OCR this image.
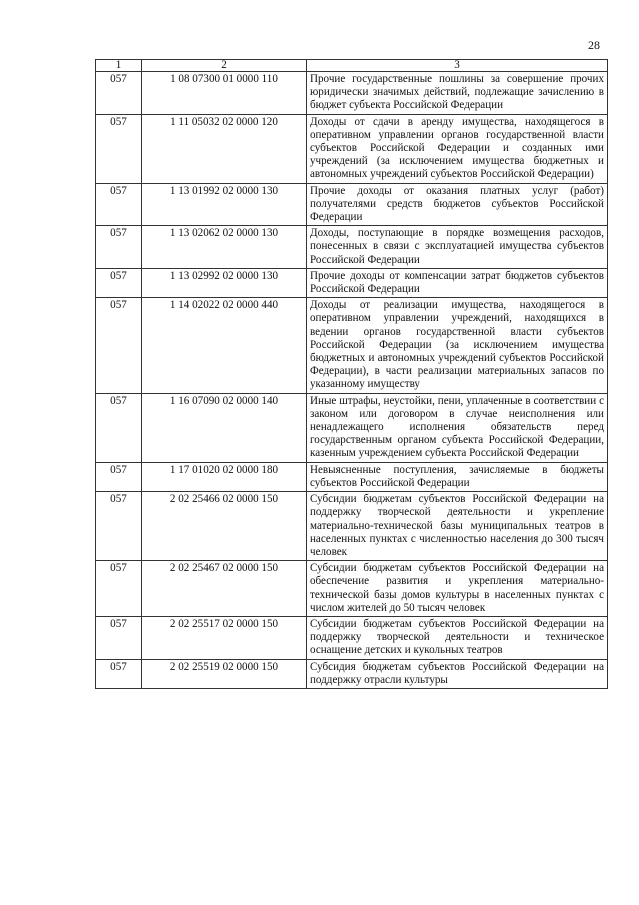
28
1	2	3
057	1 08 07300 01 0000 110	Прочие государственные пошлины за совершение прочих юридически значимых действий, подлежащие зачислению в бюджет субъекта Российской Федерации
057	1 11 05032 02 0000 120	Доходы от сдачи в аренду имущества, находящегося в оперативном управлении органов государственной власти субъектов Российской Федерации и созданных ими учреждений (за исключением имущества бюджетных и автономных учреждений субъектов Российской Федерации)
057	1 13 01992 02 0000 130	Прочие доходы от оказания платных услуг (работ) получателями средств бюджетов субъектов Российской Федерации
057	1 13 02062 02 0000 130	Доходы, поступающие в порядке возмещения расходов, понесенных в связи с эксплуатацией имущества субъектов Российской Федерации
057	1 13 02992 02 0000 130	Прочие доходы от компенсации затрат бюджетов субъектов Российской Федерации
057	1 14 02022 02 0000 440	Доходы от реализации имущества, находящегося в оперативном управлении учреждений, находящихся в ведении органов государственной власти субъектов Российской Федерации (за исключением имущества бюджетных и автономных учреждений субъектов Российской Федерации), в части реализации материальных запасов по указанному имуществу
057	1 16 07090 02 0000 140	Иные штрафы, неустойки, пени, уплаченные в соответствии с законом или договором в случае неисполнения или ненадлежащего исполнения обязательств перед государственным органом субъекта Российской Федерации, казенным учреждением субъекта Российской Федерации
057	1 17 01020 02 0000 180	Невыясненные поступления, зачисляемые в бюджеты субъектов Российской Федерации
057	2 02 25466 02 0000 150	Субсидии бюджетам субъектов Российской Федерации на поддержку творческой деятельности и укрепление материально-технической базы муниципальных театров в населенных пунктах с численностью населения до 300 тысяч человек
057	2 02 25467 02 0000 150	Субсидии бюджетам субъектов Российской Федерации на обеспечение развития и укрепления материально-технической базы домов культуры в населенных пунктах с числом жителей до 50 тысяч человек
057	2 02 25517 02 0000 150	Субсидии бюджетам субъектов Российской Федерации на поддержку творческой деятельности и техническое оснащение детских и кукольных театров
057	2 02 25519 02 0000 150	Субсидия бюджетам субъектов Российской Федерации на поддержку отрасли культуры
